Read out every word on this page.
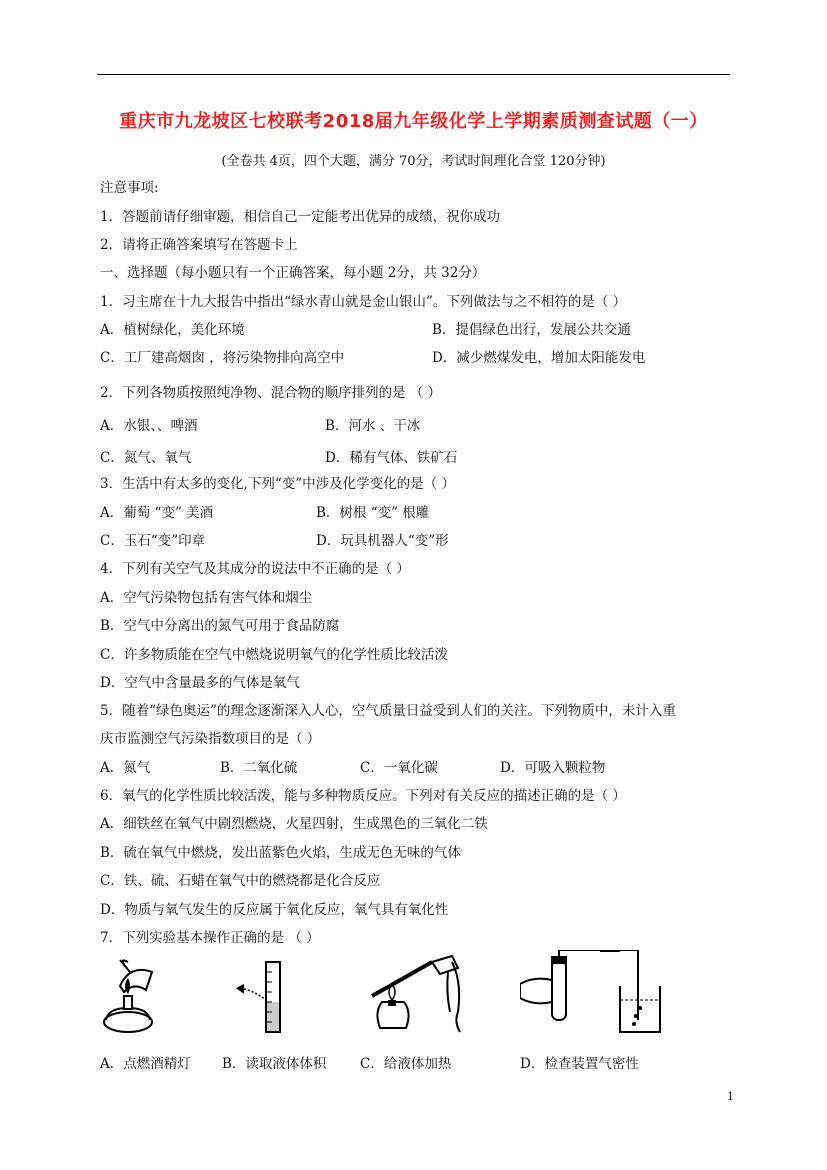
重庆市九龙坡区七校联考2018届九年级化学上学期素质测查试题（一）
(全卷共 4页，四个大题，满分 70分，考试时间理化合堂 120分钟)
注意事项:
1．答题前请仔细审题，相信自己一定能考出优异的成绩，祝你成功
2．请将正确答案填写在答题卡上
一、选择题（每小题只有一个正确答案，每小题 2分，共 32分）
1．习主席在十九大报告中指出“绿水青山就是金山银山”。下列做法与之不相符的是（ ）
A．植树绿化，美化环境	B．提倡绿色出行，发展公共交通
C．工厂建高烟囱 ，将污染物排向高空中	D．减少燃煤发电，增加太阳能发电
2．下列各物质按照纯净物、混合物的顺序排列的是 （ ）
A．水银、、啤酒	B．河水 、干冰
C．氮气、氧气	D．稀有气体、铁矿石
3．生活中有太多的变化,下列“变”中涉及化学变化的是（ ）
A．葡萄 “变” 美酒	B．树根 “变” 根雕
C．玉石“变”印章	D．玩具机器人“变”形
4．下列有关空气及其成分的说法中不正确的是（ ）
A．空气污染物包括有害气体和烟尘
B．空气中分离出的氮气可用于食品防腐
C．许多物质能在空气中燃烧说明氧气的化学性质比较活泼
D．空气中含量最多的气体是氧气
5．随着“绿色奥运”的理念逐渐深入人心，空气质量日益受到人们的关注。下列物质中，未计入重
庆市监测空气污染指数项目的是（ ）
A．氮气	B．二氧化硫	C．一氧化碳	D．可吸入颗粒物
6．氧气的化学性质比较活泼，能与多种物质反应。下列对有关反应的描述正确的是（ ）
A．细铁丝在氧气中剧烈燃烧，火星四射，生成黑色的三氧化二铁
B．硫在氧气中燃烧，发出蓝紫色火焰，生成无色无味的气体
C．铁、硫、石蜡在氧气中的燃烧都是化合反应
D．物质与氧气发生的反应属于氧化反应，氧气具有氧化性
7．下列实验基本操作正确的是 （ ）
A．点燃酒精灯 B．读取液体体积 C．给液体加热	D．检查装置气密性
1
